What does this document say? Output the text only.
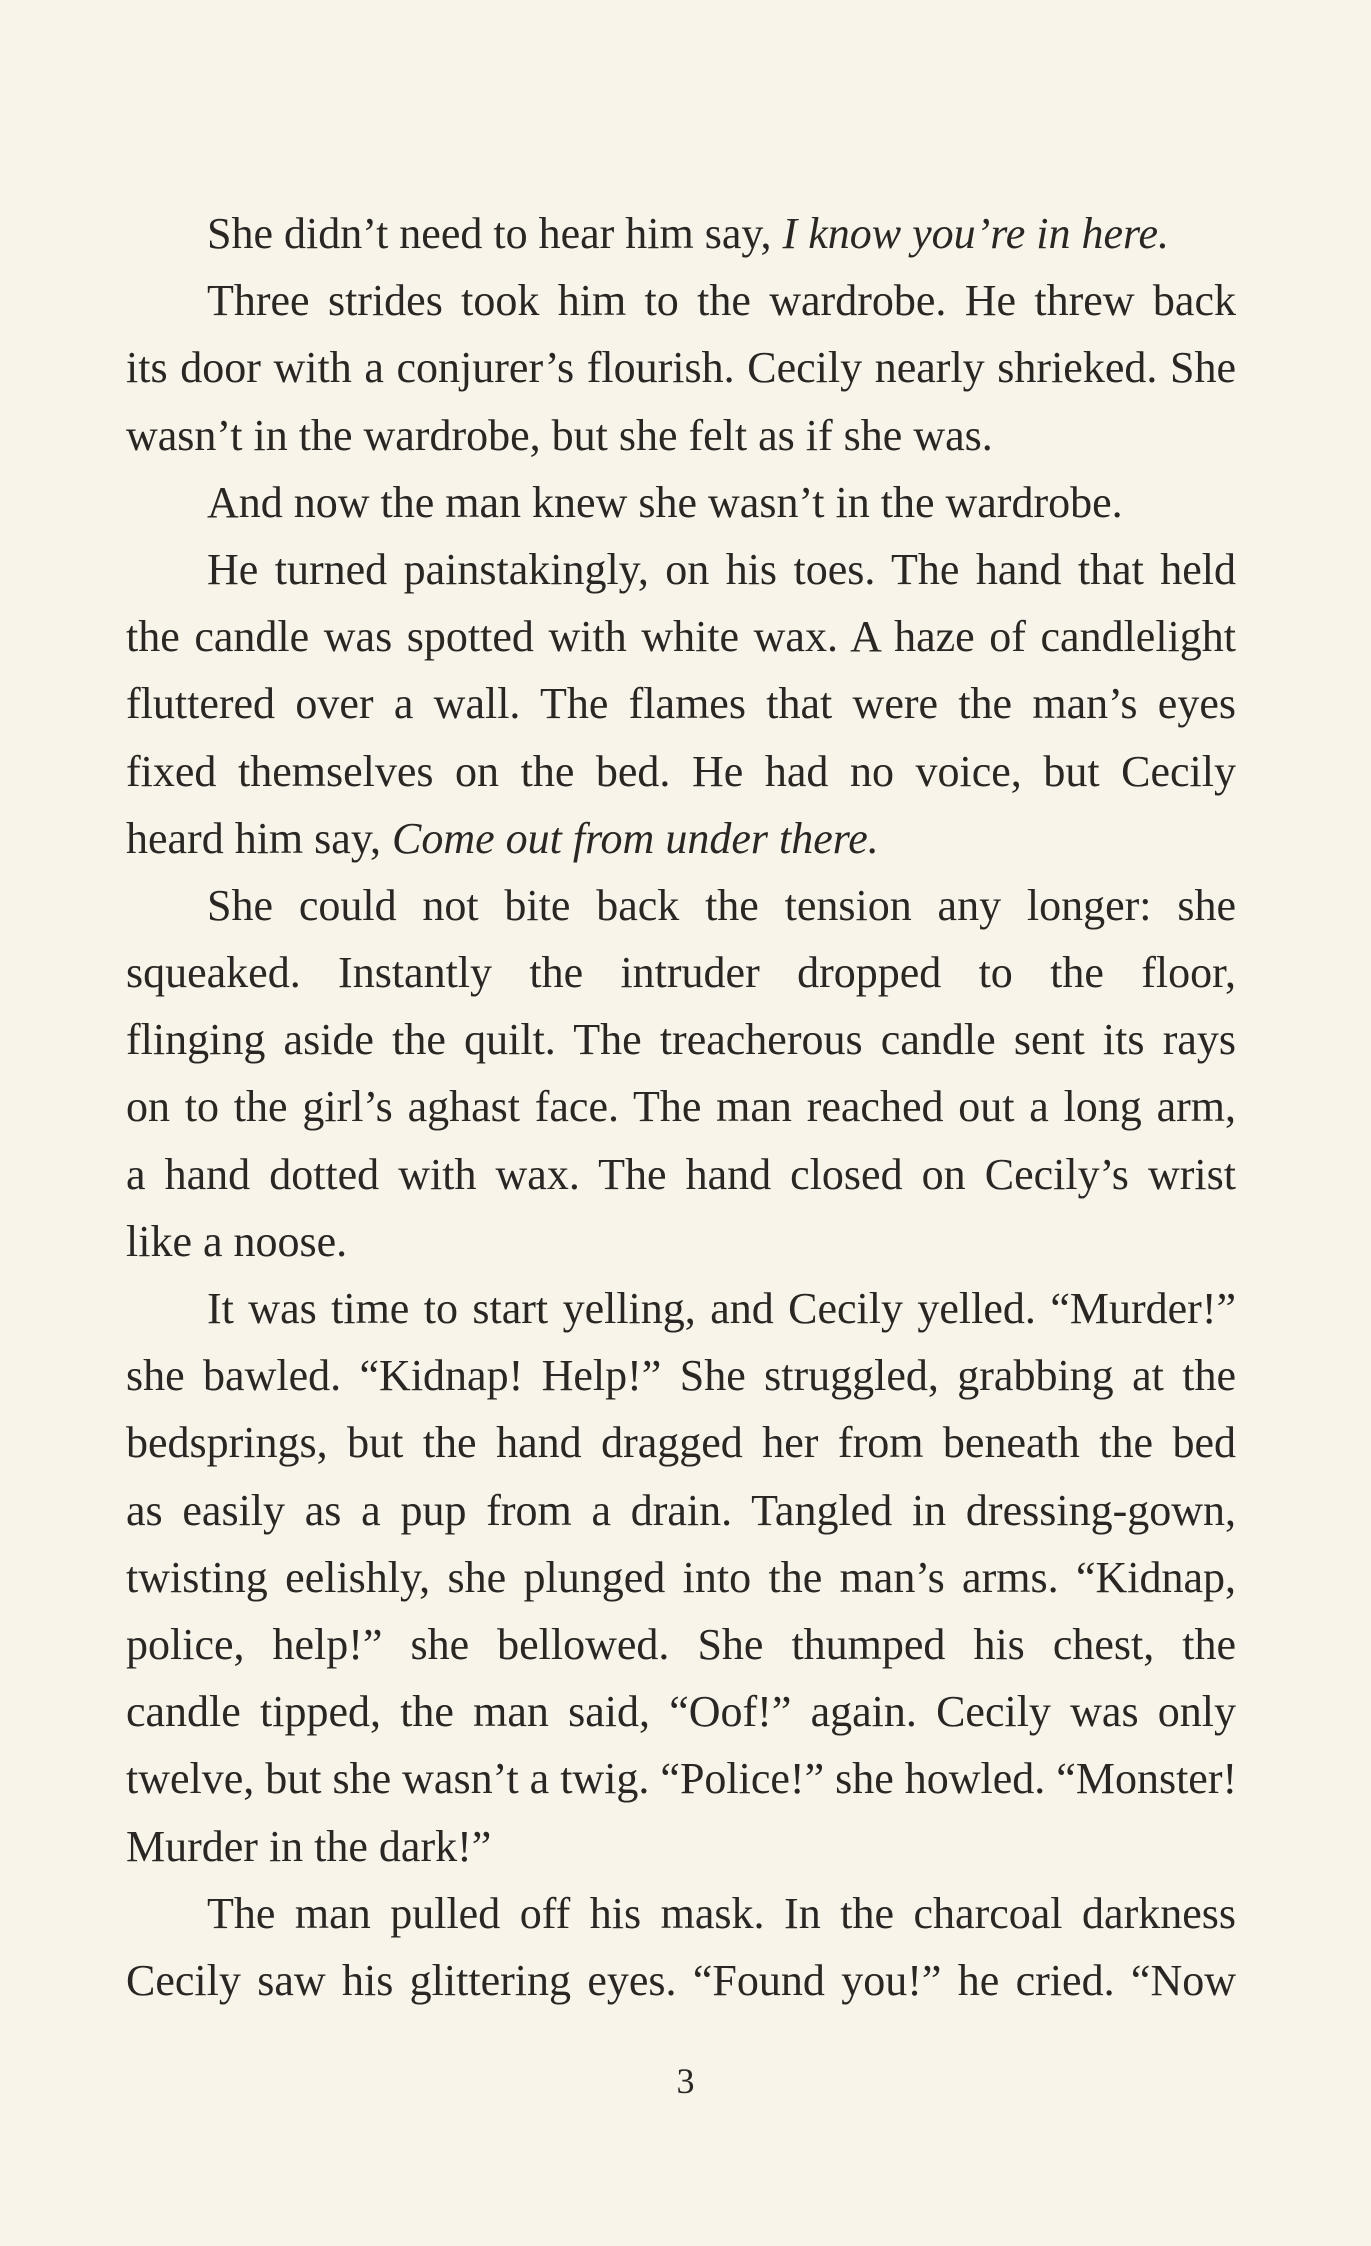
She didn’t need to hear him say, I know you’re in here.
Three strides took him to the wardrobe. He threw back
its door with a conjurer’s flourish. Cecily nearly shrieked. She
wasn’t in the wardrobe, but she felt as if she was.
And now the man knew she wasn’t in the wardrobe.
He turned painstakingly, on his toes. The hand that held
the candle was spotted with white wax. A haze of candlelight
fluttered over a wall. The flames that were the man’s eyes
fixed themselves on the bed. He had no voice, but Cecily
heard him say, Come out from under there.
She could not bite back the tension any longer: she
squeaked. Instantly the intruder dropped to the floor,
flinging aside the quilt. The treacherous candle sent its rays
on to the girl’s aghast face. The man reached out a long arm,
a hand dotted with wax. The hand closed on Cecily’s wrist
like a noose.
It was time to start yelling, and Cecily yelled. “Murder!”
she bawled. “Kidnap! Help!” She struggled, grabbing at the
bedsprings, but the hand dragged her from beneath the bed
as easily as a pup from a drain. Tangled in dressing-gown,
twisting eelishly, she plunged into the man’s arms. “Kidnap,
police, help!” she bellowed. She thumped his chest, the
candle tipped, the man said, “Oof!” again. Cecily was only
twelve, but she wasn’t a twig. “Police!” she howled. “Monster!
Murder in the dark!”
The man pulled off his mask. In the charcoal darkness
Cecily saw his glittering eyes. “Found you!” he cried. “Now
3
